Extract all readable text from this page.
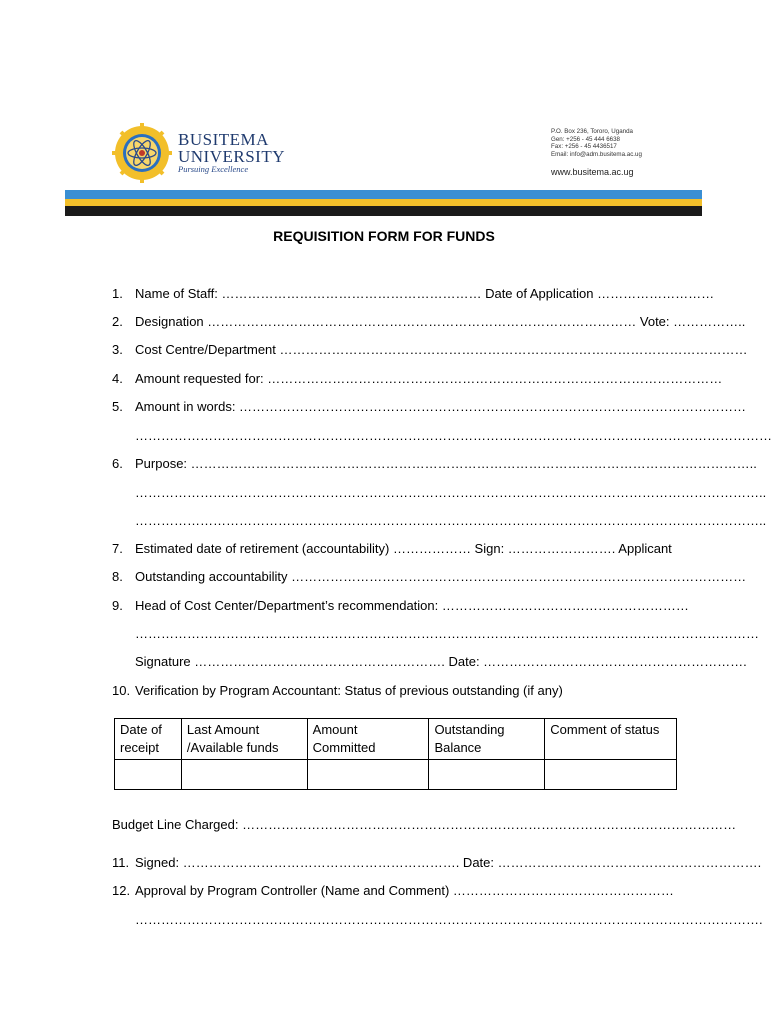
BUSITEMA
UNIVERSITY
Pursuing Excellence
P.O. Box 236, Tororo, Uganda
Gen: +256 - 45 444 6638
Fax: +256 - 45 4436517
Email: info@adm.busitema.ac.ug
www.busitema.ac.ug
REQUISITION FORM FOR FUNDS
1. Name of Staff: …………………………………………………… Date of Application ………………………
2. Designation ……………………………………………………………………………………… Vote: ……………..
3. Cost Centre/Department ………………………………………………………………………………………………
4. Amount requested for: ……………………………………………………………………………………………
5. Amount in words: ………………………………………………………………………………………………………
…………………………………………………………………………………………………………………………………
6. Purpose: …………………………………………………………………………………………………………………..
………………………………………………………………………………………………………………………………..
………………………………………………………………………………………………………………………………..
7. Estimated date of retirement (accountability) ……………… Sign: ……………………. Applicant
8. Outstanding accountability ……………………………………………………………………………………………
9. Head of Cost Center/Department’s recommendation: …………………………………………………
………………………………………………………………………………………………………………………………
Signature …………………………………………………. Date: …………………………………………………….
10. Verification by Program Accountant: Status of previous outstanding (if any)
Date of receipt	Last Amount /Available funds	Amount Committed	Outstanding Balance	Comment of status

Budget Line Charged: ……………………………………………………………………………………………………
11. Signed: ………………………………………………………. Date: …………………………………………………….
12. Approval by Program Controller (Name and Comment) ……………………………………………
……………………………………………………………………………………………………………………………….
